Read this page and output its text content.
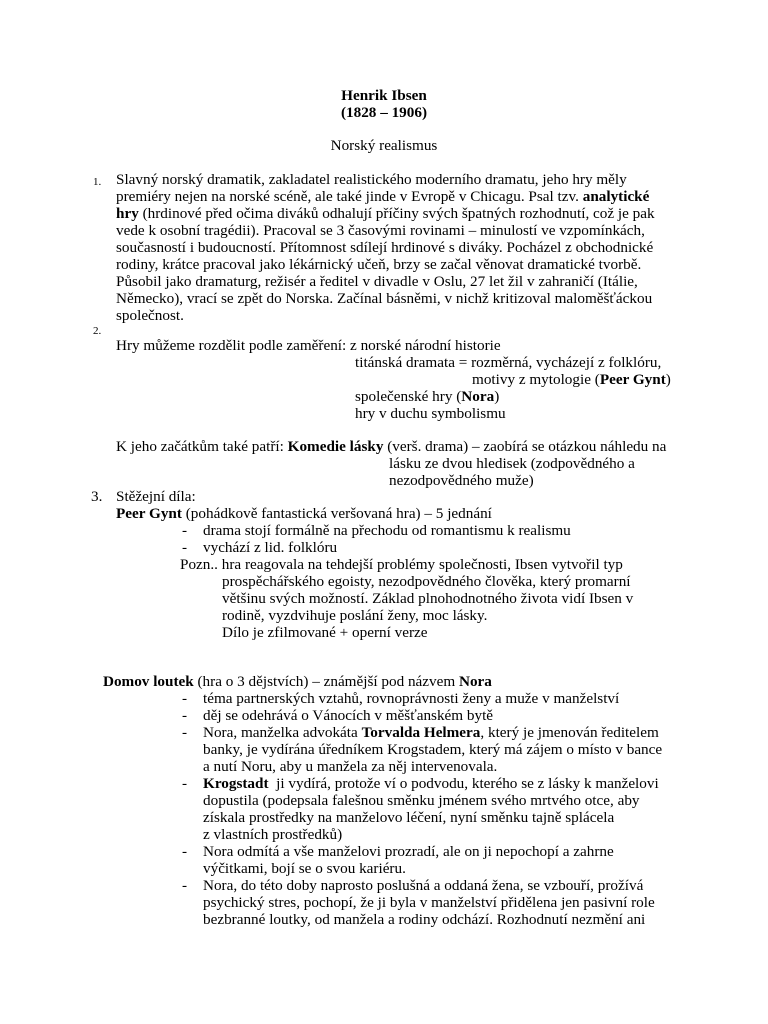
Henrik Ibsen
(1828 – 1906)
Norský realismus
1. Slavný norský dramatik, zakladatel realistického moderního dramatu, jeho hry měly
premiéry nejen na norské scéně, ale také jinde v Evropě v Chicagu. Psal tzv. analytické
hry (hrdinové před očima diváků odhalují příčiny svých špatných rozhodnutí, což je pak
vede k osobní tragédii). Pracoval se 3 časovými rovinami – minulostí ve vzpomínkách,
současností i budoucností. Přítomnost sdílejí hrdinové s diváky. Pocházel z obchodnické
rodiny, krátce pracoval jako lékárnický učeň, brzy se začal věnovat dramatické tvorbě.
Působil jako dramaturg, režisér a ředitel v divadle v Oslu, 27 let žil v zahraničí (Itálie,
Německo), vrací se zpět do Norska. Začínal básněmi, v nichž kritizoval maloměšťáckou
společnost.
2.
Hry můžeme rozdělit podle zaměření: z norské národní historie
titánská dramata = rozměrná, vycházejí z folklóru,
motivy z mytologie (Peer Gynt)
společenské hry (Nora)
hry v duchu symbolismu
K jeho začátkům také patří: Komedie lásky (verš. drama) – zaobírá se otázkou náhledu na
lásku ze dvou hledisek (zodpovědného a
nezodpovědného muže)
3. Stěžejní díla:
Peer Gynt (pohádkově fantastická veršovaná hra) – 5 jednání
- drama stojí formálně na přechodu od romantismu k realismu
- vychází z lid. folklóru
Pozn.. hra reagovala na tehdejší problémy společnosti, Ibsen vytvořil typ
prospěchářského egoisty, nezodpovědného člověka, který promarní
většinu svých možností. Základ plnohodnotného života vidí Ibsen v
rodině, vyzdvihuje poslání ženy, moc lásky.
Dílo je zfilmované + operní verze
Domov loutek (hra o 3 dějstvích) – známější pod názvem Nora
- téma partnerských vztahů, rovnoprávnosti ženy a muže v manželství
- děj se odehrává o Vánocích v měšťanském bytě
- Nora, manželka advokáta Torvalda Helmera, který je jmenován ředitelem
banky, je vydírána úředníkem Krogstadem, který má zájem o místo v bance
a nutí Noru, aby u manžela za něj intervenovala.
- Krogstadt  ji vydírá, protože ví o podvodu, kterého se z lásky k manželovi
dopustila (podepsala falešnou směnku jménem svého mrtvého otce, aby
získala prostředky na manželovo léčení, nyní směnku tajně splácela
z vlastních prostředků)
- Nora odmítá a vše manželovi prozradí, ale on ji nepochopí a zahrne
výčitkami, bojí se o svou kariéru.
- Nora, do této doby naprosto poslušná a oddaná žena, se vzbouří, prožívá
psychický stres, pochopí, že ji byla v manželství přidělena jen pasivní role
bezbranné loutky, od manžela a rodiny odchází. Rozhodnutí nezmění ani
